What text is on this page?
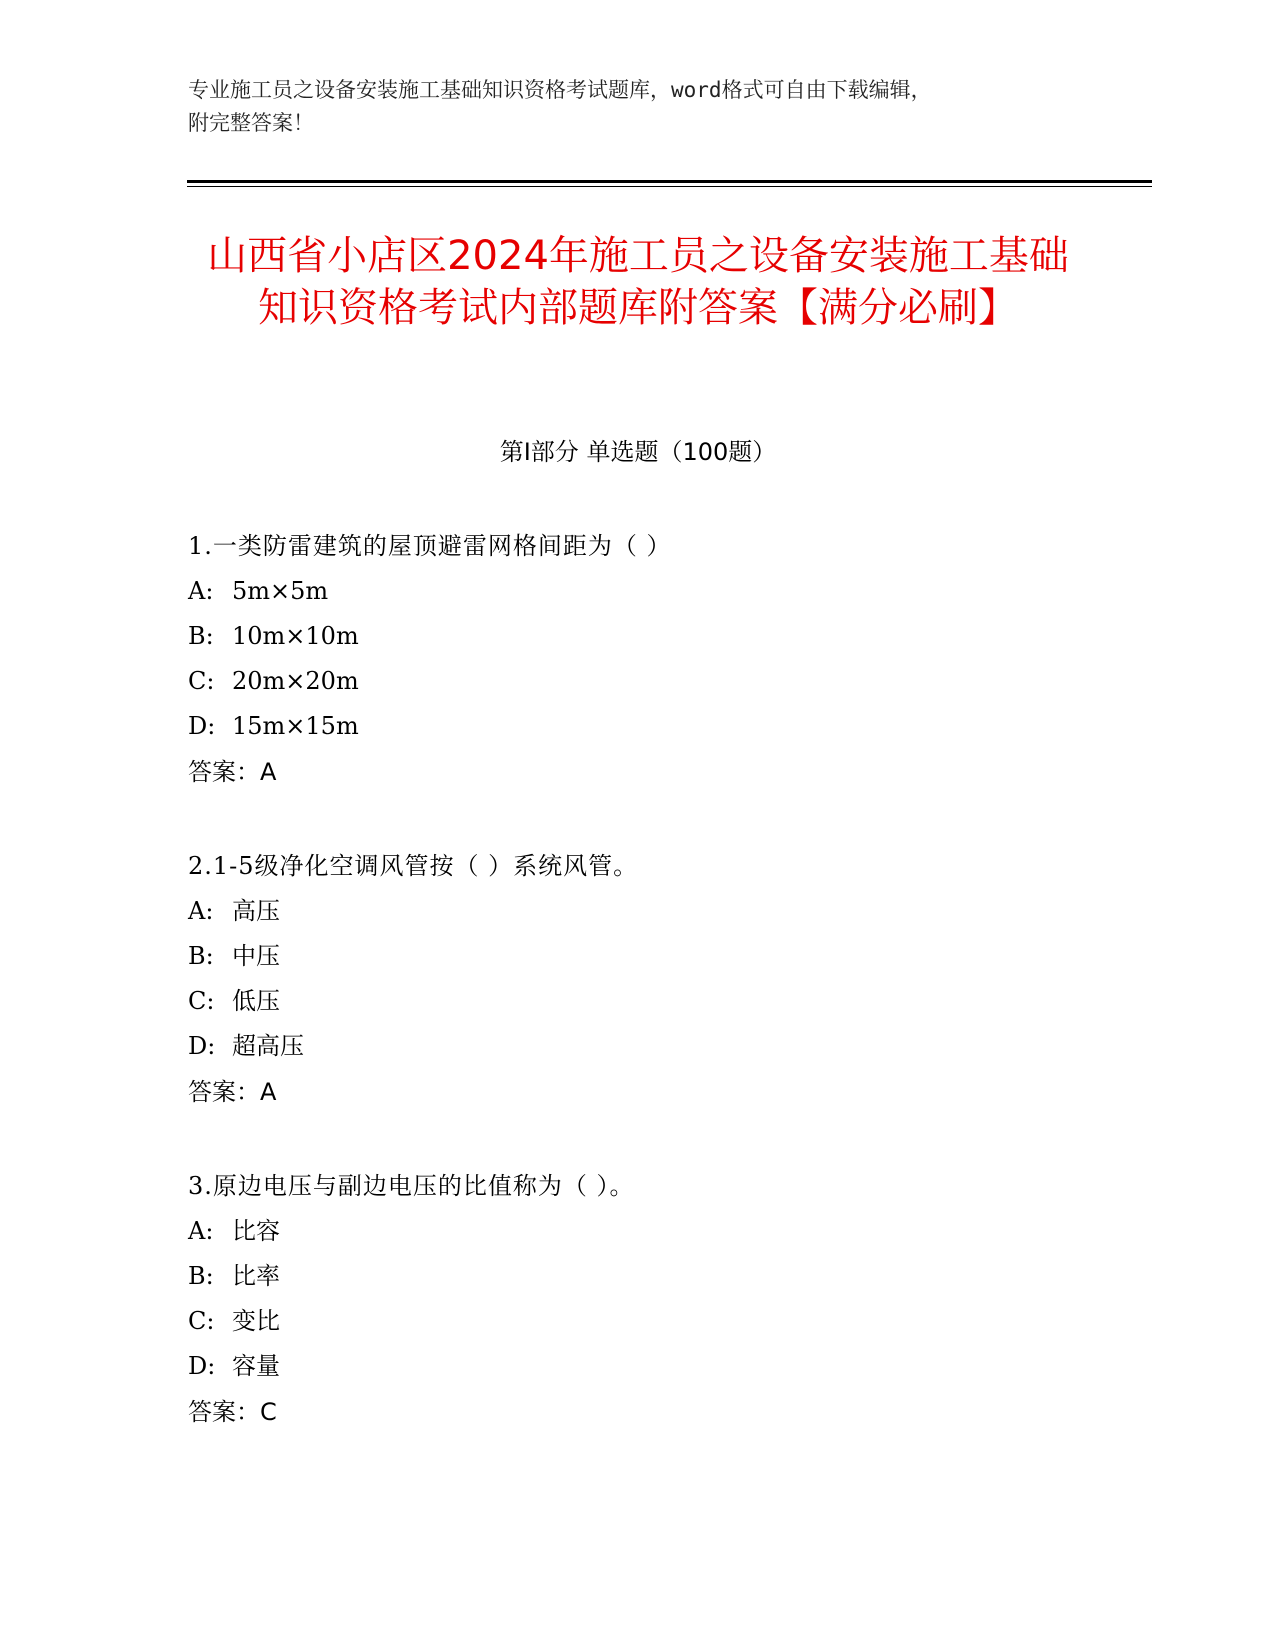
专业施工员之设备安装施工基础知识资格考试题库，word格式可自由下载编辑，
附完整答案！
山西省小店区2024年施工员之设备安装施工基础知识资格考试内部题库附答案【满分必刷】
第Ⅰ部分 单选题（100题）
1.一类防雷建筑的屋顶避雷网格间距为（ ）
A: 5m×5m
B: 10m×10m
C: 20m×20m
D: 15m×15m
答案：A
2.1-5级净化空调风管按（ ）系统风管。
A: 高压
B: 中压
C: 低压
D: 超高压
答案：A
3.原边电压与副边电压的比值称为（ ）。
A: 比容
B: 比率
C: 变比
D: 容量
答案：C
